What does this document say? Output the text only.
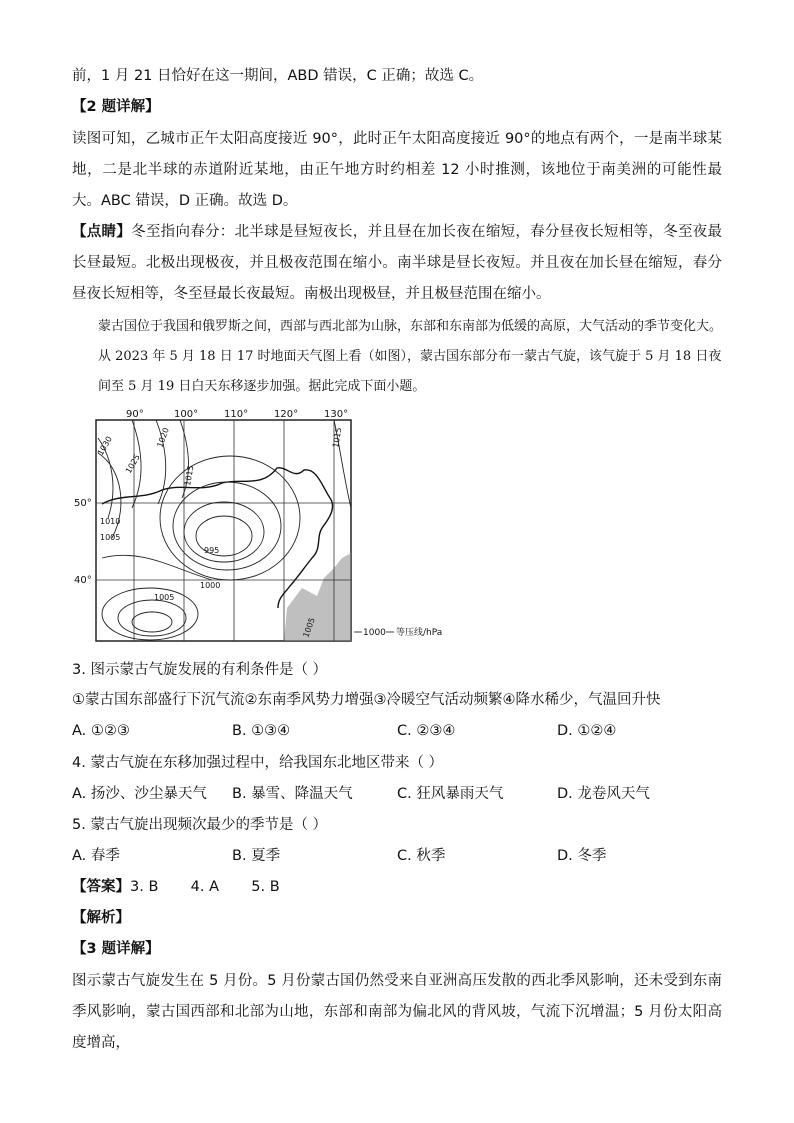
前，1 月 21 日恰好在这一期间，ABD 错误，C 正确；故选 C。
【2 题详解】
读图可知，乙城市正午太阳高度接近 90°，此时正午太阳高度接近 90°的地点有两个，一是南半球某地，二是北半球的赤道附近某地，由正午地方时约相差 12 小时推测，该地位于南美洲的可能性最大。ABC 错误，D 正确。故选 D。
【点睛】冬至指向春分：北半球是昼短夜长，并且昼在加长夜在缩短，春分昼夜长短相等，冬至夜最长昼最短。北极出现极夜，并且极夜范围在缩小。南半球是昼长夜短。并且夜在加长昼在缩短，春分昼夜长短相等，冬至昼最长夜最短。南极出现极昼，并且极昼范围在缩小。
蒙古国位于我国和俄罗斯之间，西部与西北部为山脉，东部和东南部为低缓的高原，大气活动的季节变化大。从 2023 年 5 月 18 日 17 时地面天气图上看（如图），蒙古国东部分布一蒙古气旋，该气旋于 5 月 18 日夜间至 5 月 19 日白天东移逐步加强。据此完成下面小题。
90°	100°	110°	120°	130°
50°
40°
1030
1025
1020
1015
1015
1010
1005
995
1000
1005
1005	1000 等压线/hPa
3. 图示蒙古气旋发展的有利条件是（ ）
①蒙古国东部盛行下沉气流②东南季风势力增强③冷暖空气活动频繁④降水稀少，气温回升快
A. ①②③	B. ①③④	C. ②③④	D. ①②④
4. 蒙古气旋在东移加强过程中，给我国东北地区带来（ ）
A. 扬沙、沙尘暴天气 B. 暴雪、降温天气	C. 狂风暴雨天气	D. 龙卷风天气
5. 蒙古气旋出现频次最少的季节是（ ）
A. 春季	B. 夏季	C. 秋季	D. 冬季
【答案】3. B       4. A       5. B
【解析】
【3 题详解】
图示蒙古气旋发生在 5 月份。5 月份蒙古国仍然受来自亚洲高压发散的西北季风影响，还未受到东南季风影响，蒙古国西部和北部为山地，东部和南部为偏北风的背风坡，气流下沉增温；5 月份太阳高度增高，
